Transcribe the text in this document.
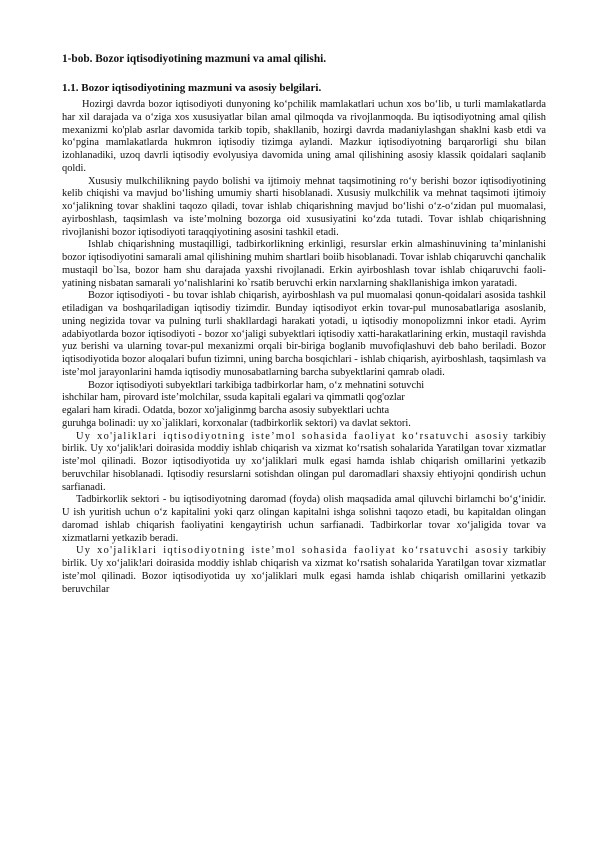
1-bob. Bozor iqtisodiyotining mazmuni va amal qilishi.
1.1. Bozor iqtisodiyotining mazmuni va asosiy belgilari.

Hozirgi davrda bozor iqtisodiyoti dunyoning ko‘pchilik mamlakatlari uchun xos bo‘lib, u turli mamlakatlarda har xil darajada va o‘ziga xos xususiyatlar bilan amal qilmoqda va rivojlanmoqda. Bu iqtisodiyotning amal qilish mexanizmi ko'plab asrlar davomida tarkib topib, shakllanib, hozirgi davrda madaniylashgan shaklni kasb etdi va ko‘pgina mamlakatlarda hukmron iqtisodiy tizimga aylandi. Mazkur iqtisodiyotning barqarorligi shu bilan izohlanadiki, uzoq davrli iqtisodiy evolyusiya davomida uning amal qilishining asosiy klassik qoidalari saqlanib qoldi.

Xususiy mulkchilikning paydo bolishi va ijtimoiy mehnat taqsimotining ro‘y berishi bozor iqtisodiyotining kelib chiqishi va mavjud bo‘lishing umumiy sharti hisoblanadi. Xususiy mulkchilik va mehnat taqsimoti ijtimoiy xo‘jalikning tovar shaklini taqozo qiladi, tovar ishlab chiqarishning mavjud bo‘lishi o‘z-o‘zidan pul muomalasi, ayirboshlash, taqsimlash va iste’molning bozorga oid xususiyatini ko‘zda tutadi. Tovar ishlab chiqarishning rivojlanishi bozor iqtisodiyoti taraqqiyotining asosini tashkil etadi.

Ishlab chiqarishning mustaqilligi, tadbirkorlikning erkinligi, resurslar erkin almashinuvining ta’minlanishi bozor iqtisodiyotini samarali amal qilishining muhim shartlari boiib hisoblanadi. Tovar ishlab chiqaruvchi qanchalik mustaqil bo`lsa, bozor ham shu darajada yaxshi rivojlanadi. Erkin ayirboshlash tovar ishlab chiqaruvchi faoli-yatining nisbatan samarali yo‘nalishlarini ko`rsatib beruvchi erkin narxlarning shakllanishiga imkon yaratadi.

Bozor iqtisodiyoti - bu tovar ishlab chiqarish, ayirboshlash va pul muomalasi qonun-qoidalari asosida tashkil etiladigan va boshqariladigan iqtisodiy tizimdir. Bunday iqtisodiyot erkin tovar-pul munosabatlariga asoslanib, uning negizida tovar va pulning turli shakllardagi harakati yotadi, u iqtisodiy monopolizmni inkor etadi. Ayrim adabiyotlarda bozor iqtisodiyoti - bozor xo‘jaligi subyektlari iqtisodiy xatti-harakatlarining erkin, mustaqil ravishda yuz berishi va ularning tovar-pul mexanizmi orqali bir-biriga boglanib muvofiqlashuvi deb baho beriladi. Bozor iqtisodiyotida bozor aloqalari bufun tizimni, uning barcha bosqichlari - ishlab chiqarish, ayirboshlash, taqsimlash va iste’mol jarayonlarini hamda iqtisodiy munosabatlarning barcha subyektlarini qamrab oladi.

Bozor iqtisodiyoti subyektlari tarkibiga tadbirkorlar ham, o‘z mehnatini sotuvchi
ishchilar ham, pirovard iste’molchilar, ssuda kapitali egalari va qimmatli qog'ozlar
egalari ham kiradi. Odatda, bozor xo'jaliginmg barcha asosiy subyektlari uchta
guruhga bolinadi: uy xo`jaliklari, korxonalar (tadbirkorlik sektori) va davlat sektori.

Uy xo'jaliklari iqtisodiyotning iste’mol sohasida faoliyat ko‘rsatuvchi asosiy tarkibiy birlik. Uy xo‘jalik!ari doirasida moddiy ishlab chiqarish va xizmat ko‘rsatish sohalarida Yaratilgan tovar xizmatlar iste’mol qilinadi. Bozor iqtisodiyotida uy xo‘jaliklari mulk egasi hamda ishlab chiqarish omillarini yetkazib beruvchilar hisoblanadi. Iqtisodiy resurslarni sotishdan olingan pul daromadlari shaxsiy ehtiyojni qondirish uchun sarfianadi.

Tadbirkorlik sektori - bu iqtisodiyotning daromad (foyda) olish maqsadida amal qiluvchi birlamchi bo‘g‘inidir. U ish yuritish uchun o‘z kapitalini yoki qarz olingan kapitalni ishga solishni taqozo etadi, bu kapitaldan olingan daromad ishlab chiqarish faoliyatini kengaytirish uchun sarfianadi. Tadbirkorlar tovar xo‘jaligida tovar va xizmatlarni yetkazib beradi.

Uy xo'jaliklari iqtisodiyotning iste’mol sohasida faoliyat ko‘rsatuvchi asosiy tarkibiy birlik. Uy xo‘jalik!ari doirasida moddiy ishlab chiqarish va xizmat ko‘rsatish sohalarida Yaratilgan tovar xizmatlar iste’mol qilinadi. Bozor iqtisodiyotida uy xo‘jaliklari mulk egasi hamda ishlab chiqarish omillarini yetkazib beruvchilar
